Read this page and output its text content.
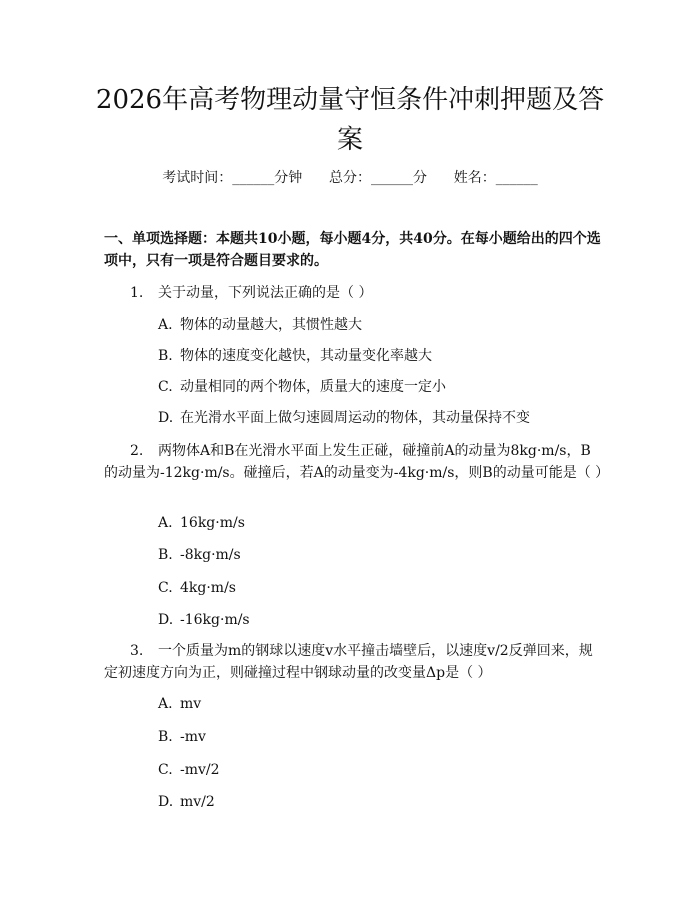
2026年高考物理动量守恒条件冲刺押题及答案
考试时间：______分钟 总分：______分 姓名：______

一、单项选择题：本题共10小题，每小题4分，共40分。在每小题给出的四个选项中，只有一项是符合题目要求的。

1. 关于动量，下列说法正确的是（ ）
A. 物体的动量越大，其惯性越大
B. 物体的速度变化越快，其动量变化率越大
C. 动量相同的两个物体，质量大的速度一定小
D. 在光滑水平面上做匀速圆周运动的物体，其动量保持不变
2. 两物体A和B在光滑水平面上发生正碰，碰撞前A的动量为8kg·m/s，B的动量为-12kg·m/s。碰撞后，若A的动量变为-4kg·m/s，则B的动量可能是（ ）
A. 16kg·m/s
B. -8kg·m/s
C. 4kg·m/s
D. -16kg·m/s
3. 一个质量为m的钢球以速度v水平撞击墙壁后，以速度v/2反弹回来，规定初速度方向为正，则碰撞过程中钢球动量的改变量Δp是（ ）
A. mv
B. -mv
C. -mv/2
D. mv/2
